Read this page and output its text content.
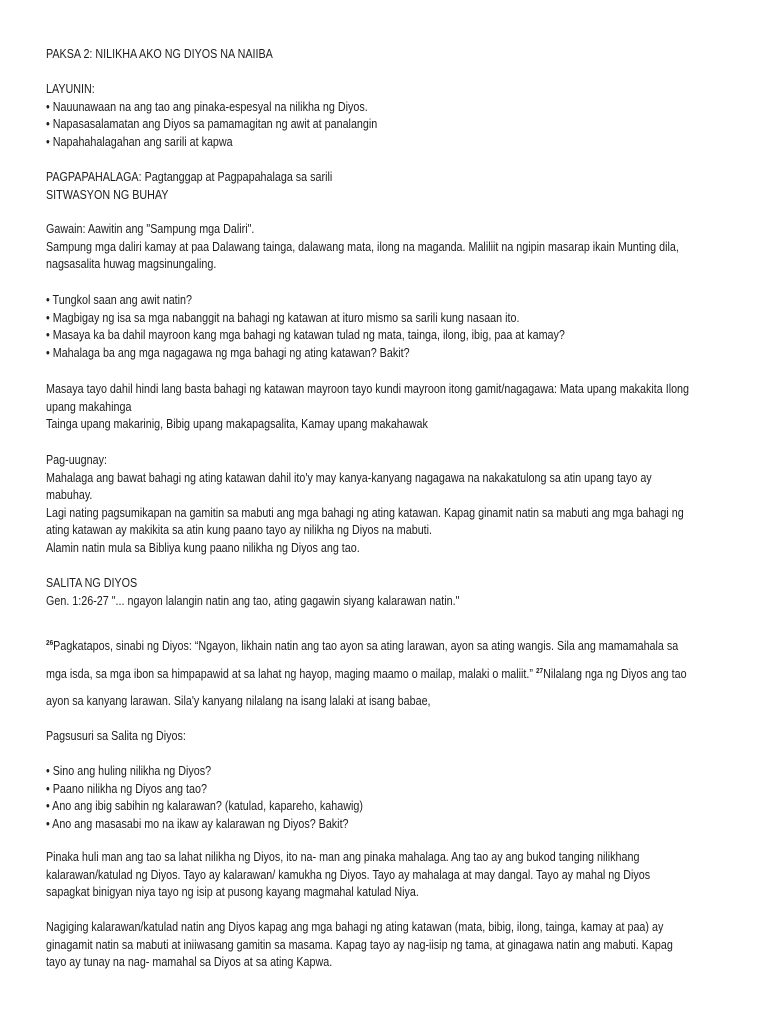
PAKSA 2: NILIKHA AKO NG DIYOS NA NAIIBA
LAYUNIN:
• Nauunawaan na ang tao ang pinaka-espesyal na nilikha ng Diyos.
• Napasasalamatan ang Diyos sa pamamagitan ng awit at panalangin
• Napahahalagahan ang sarili at kapwa
PAGPAPAHALAGA: Pagtanggap at Pagpapahalaga sa sarili
SITWASYON NG BUHAY
Gawain: Aawitin ang "Sampung mga Daliri".
Sampung mga daliri kamay at paa Dalawang tainga, dalawang mata, ilong na maganda. Maliliit na ngipin masarap ikain Munting dila,
nagsasalita huwag magsinungaling.
• Tungkol saan ang awit natin?
• Magbigay ng isa sa mga nabanggit na bahagi ng katawan at ituro mismo sa sarili kung nasaan ito.
• Masaya ka ba dahil mayroon kang mga bahagi ng katawan tulad ng mata, tainga, ilong, ibig, paa at kamay?
• Mahalaga ba ang mga nagagawa ng mga bahagi ng ating katawan? Bakit?
Masaya tayo dahil hindi lang basta bahagi ng katawan mayroon tayo kundi mayroon itong gamit/nagagawa: Mata upang makakita Ilong
upang makahinga
Tainga upang makarinig, Bibig upang makapagsalita, Kamay upang makahawak
Pag-uugnay:
Mahalaga ang bawat bahagi ng ating katawan dahil ito'y may kanya-kanyang nagagawa na nakakatulong sa atin upang tayo ay
mabuhay.
Lagi nating pagsumikapan na gamitin sa mabuti ang mga bahagi ng ating katawan. Kapag ginamit natin sa mabuti ang mga bahagi ng
ating katawan ay makikita sa atin kung paano tayo ay nilikha ng Diyos na mabuti.
Alamin natin mula sa Bibliya kung paano nilikha ng Diyos ang tao.
SALITA NG DIYOS
Gen. 1:26-27 "... ngayon lalangin natin ang tao, ating gagawin siyang kalarawan natin."
$^{26}$Pagkatapos, sinabi ng Diyos: “Ngayon, likhain natin ang tao ayon sa ating larawan, ayon sa ating wangis. Sila ang mamamahala sa
mga isda, sa mga ibon sa himpapawid at sa lahat ng hayop, maging maamo o mailap, malaki o maliit.” $^{27}$Nilalang nga ng Diyos ang tao
ayon sa kanyang larawan. Sila'y kanyang nilalang na isang lalaki at isang babae,
Pagsusuri sa Salita ng Diyos:
• Sino ang huling nilikha ng Diyos?
• Paano nilikha ng Diyos ang tao?
• Ano ang ibig sabihin ng kalarawan? (katulad, kapareho, kahawig)
• Ano ang masasabi mo na ikaw ay kalarawan ng Diyos? Bakit?
Pinaka huli man ang tao sa lahat nilikha ng Diyos, ito na- man ang pinaka mahalaga. Ang tao ay ang bukod tanging nilikhang
kalarawan/katulad ng Diyos. Tayo ay kalarawan/ kamukha ng Diyos. Tayo ay mahalaga at may dangal. Tayo ay mahal ng Diyos
sapagkat binigyan niya tayo ng isip at pusong kayang magmahal katulad Niya.
Nagiging kalarawan/katulad natin ang Diyos kapag ang mga bahagi ng ating katawan (mata, bibig, ilong, tainga, kamay at paa) ay
ginagamit natin sa mabuti at iniiwasang gamitin sa masama. Kapag tayo ay nag-iisip ng tama, at ginagawa natin ang mabuti. Kapag
tayo ay tunay na nag- mamahal sa Diyos at sa ating Kapwa.
